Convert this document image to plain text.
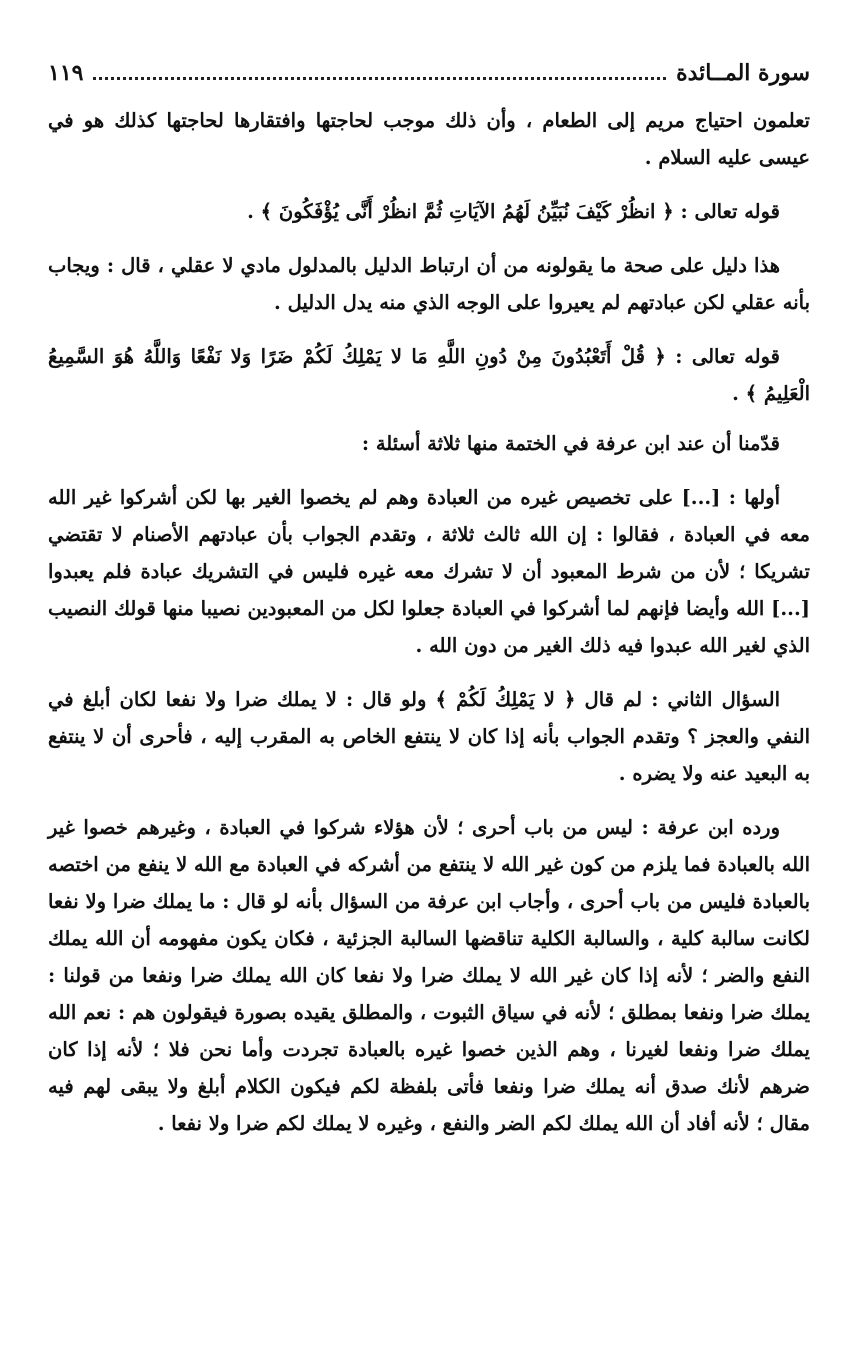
سورة المــائدة
١١٩

تعلمون احتياج مريم إلى الطعام ، وأن ذلك موجب لحاجتها وافتقارها لحاجتها كذلك هو في عيسى عليه السلام .

قوله تعالى : ﴿ انظُرْ كَيْفَ نُبَيِّنُ لَهُمُ الآيَاتِ ثُمَّ انظُرْ أَنَّى يُؤْفَكُونَ ﴾ .

هذا دليل على صحة ما يقولونه من أن ارتباط الدليل بالمدلول مادي لا عقلي ، قال : ويجاب بأنه عقلي لكن عبادتهم لم يعيروا على الوجه الذي منه يدل الدليل .

قوله تعالى : ﴿ قُلْ أَتَعْبُدُونَ مِنْ دُونِ اللَّهِ مَا لا يَمْلِكُ لَكُمْ ضَرًا وَلا نَفْعًا وَاللَّهُ هُوَ السَّمِيعُ الْعَلِيمُ ﴾ .

قدّمنا أن عند ابن عرفة في الختمة منها ثلاثة أسئلة :

أولها : [...] على تخصيص غيره من العبادة وهم لم يخصوا الغير بها لكن أشركوا غير الله معه في العبادة ، فقالوا : إن الله ثالث ثلاثة ، وتقدم الجواب بأن عبادتهم الأصنام لا تقتضي تشريكا ؛ لأن من شرط المعبود أن لا تشرك معه غيره فليس في التشريك عبادة فلم يعبدوا [...] الله وأيضا فإنهم لما أشركوا في العبادة جعلوا لكل من المعبودين نصيبا منها قولك النصيب الذي لغير الله عبدوا فيه ذلك الغير من دون الله .

السؤال الثاني : لم قال ﴿ لا يَمْلِكُ لَكُمْ ﴾ ولو قال : لا يملك ضرا ولا نفعا لكان أبلغ في النفي والعجز ؟ وتقدم الجواب بأنه إذا كان لا ينتفع الخاص به المقرب إليه ، فأحرى أن لا ينتفع به البعيد عنه ولا يضره .

ورده ابن عرفة : ليس من باب أحرى ؛ لأن هؤلاء شركوا في العبادة ، وغيرهم خصوا غير الله بالعبادة فما يلزم من كون غير الله لا ينتفع من أشركه في العبادة مع الله لا ينفع من اختصه بالعبادة فليس من باب أحرى ، وأجاب ابن عرفة من السؤال بأنه لو قال : ما يملك ضرا ولا نفعا لكانت سالبة كلية ، والسالبة الكلية تناقضها السالبة الجزئية ، فكان يكون مفهومه أن الله يملك النفع والضر ؛ لأنه إذا كان غير الله لا يملك ضرا ولا نفعا كان الله يملك ضرا ونفعا من قولنا : يملك ضرا ونفعا بمطلق ؛ لأنه في سياق الثبوت ، والمطلق يقيده بصورة فيقولون هم : نعم الله يملك ضرا ونفعا لغيرنا ، وهم الذين خصوا غيره بالعبادة تجردت وأما نحن فلا ؛ لأنه إذا كان ضرهم لأنك صدق أنه يملك ضرا ونفعا فأتى بلفظة لكم فيكون الكلام أبلغ ولا يبقى لهم فيه مقال ؛ لأنه أفاد أن الله يملك لكم الضر والنفع ، وغيره لا يملك لكم ضرا ولا نفعا .
